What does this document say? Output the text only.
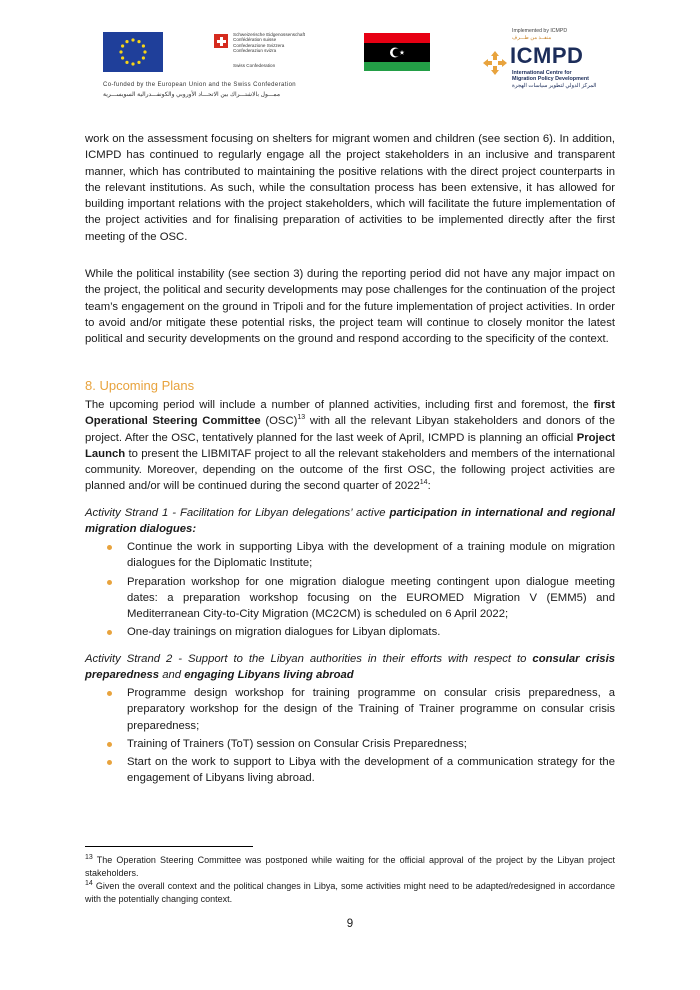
Schweizerische Eidgenossenschaft
Confédération suisse
Confederazione Svizzera
Confederaziun svizra
Swiss Confederation
Implemented by ICMPD
منفــذ من طـــرف
ICMPD
International Centre for
Migration Policy Development
المركز الدولي لتطوير سياسات الهجرة
Co-funded by the European Union and the Swiss Confederation
ممـــول بالاشتـــراك بين الاتحـــاد الأوروبي والكونفـــدرالية السويســـرية
work on the assessment focusing on shelters for migrant women and children (see section 6). In addition, ICMPD has continued to regularly engage all the project stakeholders in an inclusive and transparent manner, which has contributed to maintaining the positive relations with the direct project counterparts in the relevant institutions. As such, while the consultation process has been extensive, it has allowed for building important relations with the project stakeholders, which will facilitate the future implementation of the project activities and for finalising preparation of activities to be implemented directly after the first meeting of the OSC.
While the political instability (see section 3) during the reporting period did not have any major impact on the project, the political and security developments may pose challenges for the continuation of the project team’s engagement on the ground in Tripoli and for the future implementation of project activities. In order to avoid and/or mitigate these potential risks, the project team will continue to closely monitor the latest political and security developments on the ground and respond according to the specificity of the context.
8. Upcoming Plans
The upcoming period will include a number of planned activities, including first and foremost, the first Operational Steering Committee (OSC)$^{13}$ with all the relevant Libyan stakeholders and donors of the project. After the OSC, tentatively planned for the last week of April, ICMPD is planning an official Project Launch to present the LIBMITAF project to all the relevant stakeholders and members of the international community. Moreover, depending on the outcome of the first OSC, the following project activities are planned and/or will be continued during the second quarter of 2022$^{14}$:
Activity Strand 1 - Facilitation for Libyan delegations’ active participation in international and regional migration dialogues:
Continue the work in supporting Libya with the development of a training module on migration dialogues for the Diplomatic Institute;
Preparation workshop for one migration dialogue meeting contingent upon dialogue meeting dates: a preparation workshop focusing on the EUROMED Migration V (EMM5) and Mediterranean City-to-City Migration (MC2CM) is scheduled on 6 April 2022;
One-day trainings on migration dialogues for Libyan diplomats.
Activity Strand 2 - Support to the Libyan authorities in their efforts with respect to consular crisis preparedness and engaging Libyans living abroad
Programme design workshop for training programme on consular crisis preparedness, a preparatory workshop for the design of the Training of Trainer programme on consular crisis preparedness;
Training of Trainers (ToT) session on Consular Crisis Preparedness;
Start on the work to support to Libya with the development of a communication strategy for the engagement of Libyans living abroad.
$^{13}$ The Operation Steering Committee was postponed while waiting for the official approval of the project by the Libyan project stakeholders.
$^{14}$ Given the overall context and the political changes in Libya, some activities might need to be adapted/redesigned in accordance with the potentially changing context.
9
